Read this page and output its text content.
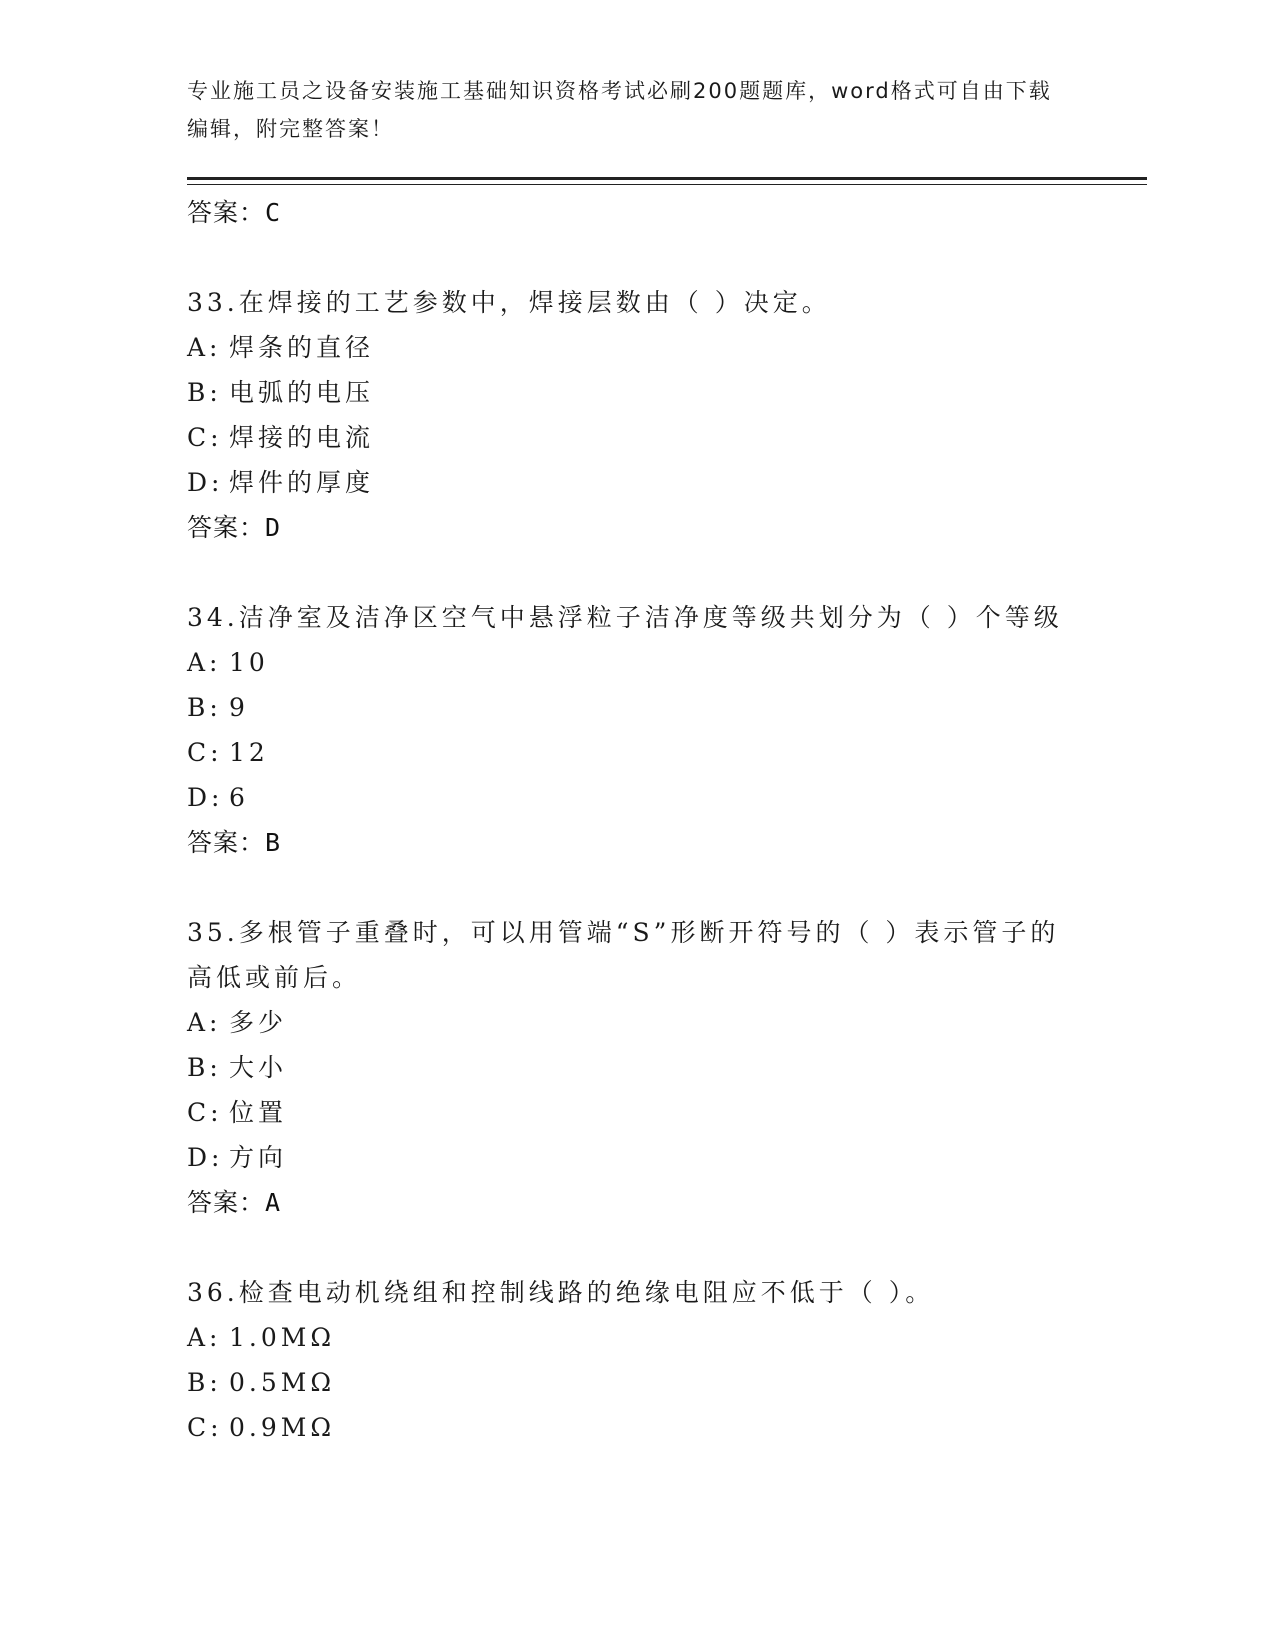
专业施工员之设备安装施工基础知识资格考试必刷200题题库，word格式可自由下载编辑，附完整答案！
答案：C
33.在焊接的工艺参数中，焊接层数由（ ）决定。
A: 焊条的直径
B: 电弧的电压
C: 焊接的电流
D: 焊件的厚度
答案：D
34.洁净室及洁净区空气中悬浮粒子洁净度等级共划分为（ ）个等级
A: 10
B: 9
C: 12
D: 6
答案：B
35.多根管子重叠时，可以用管端“S”形断开符号的（ ）表示管子的高低或前后。
A: 多少
B: 大小
C: 位置
D: 方向
答案：A
36.检查电动机绕组和控制线路的绝缘电阻应不低于（ ）。
A: 1.0MΩ
B: 0.5MΩ
C: 0.9MΩ
